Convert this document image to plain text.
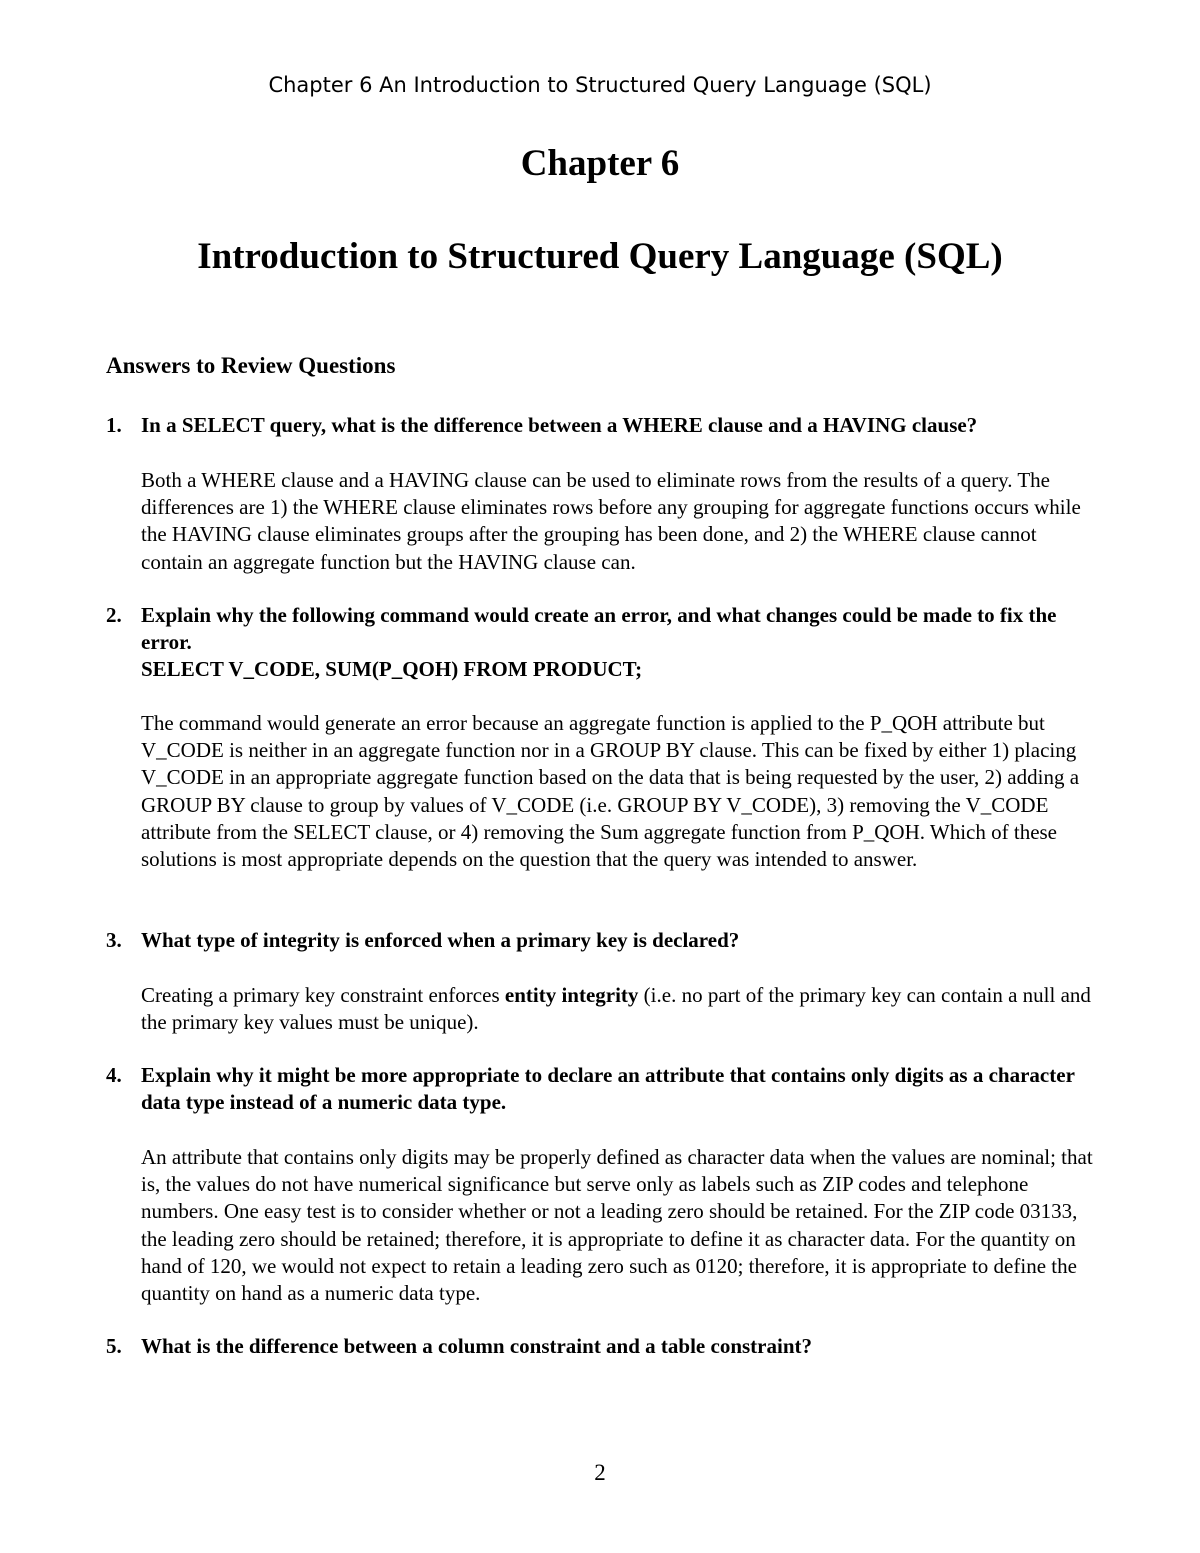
Chapter 6 An Introduction to Structured Query Language (SQL)
Chapter 6
Introduction to Structured Query Language (SQL)
Answers to Review Questions
1. In a SELECT query, what is the difference between a WHERE clause and a HAVING clause?
Both a WHERE clause and a HAVING clause can be used to eliminate rows from the results of a query. The differences are 1) the WHERE clause eliminates rows before any grouping for aggregate functions occurs while the HAVING clause eliminates groups after the grouping has been done, and 2) the WHERE clause cannot contain an aggregate function but the HAVING clause can.
2. Explain why the following command would create an error, and what changes could be made to fix the error.
SELECT V_CODE, SUM(P_QOH) FROM PRODUCT;
The command would generate an error because an aggregate function is applied to the P_QOH attribute but V_CODE is neither in an aggregate function nor in a GROUP BY clause. This can be fixed by either 1) placing V_CODE in an appropriate aggregate function based on the data that is being requested by the user, 2) adding a GROUP BY clause to group by values of V_CODE (i.e. GROUP BY V_CODE), 3) removing the V_CODE attribute from the SELECT clause, or 4) removing the Sum aggregate function from P_QOH. Which of these solutions is most appropriate depends on the question that the query was intended to answer.
3. What type of integrity is enforced when a primary key is declared?
Creating a primary key constraint enforces entity integrity (i.e. no part of the primary key can contain a null and the primary key values must be unique).
4. Explain why it might be more appropriate to declare an attribute that contains only digits as a character data type instead of a numeric data type.
An attribute that contains only digits may be properly defined as character data when the values are nominal; that is, the values do not have numerical significance but serve only as labels such as ZIP codes and telephone numbers. One easy test is to consider whether or not a leading zero should be retained. For the ZIP code 03133, the leading zero should be retained; therefore, it is appropriate to define it as character data. For the quantity on hand of 120, we would not expect to retain a leading zero such as 0120; therefore, it is appropriate to define the quantity on hand as a numeric data type.
5. What is the difference between a column constraint and a table constraint?
2
